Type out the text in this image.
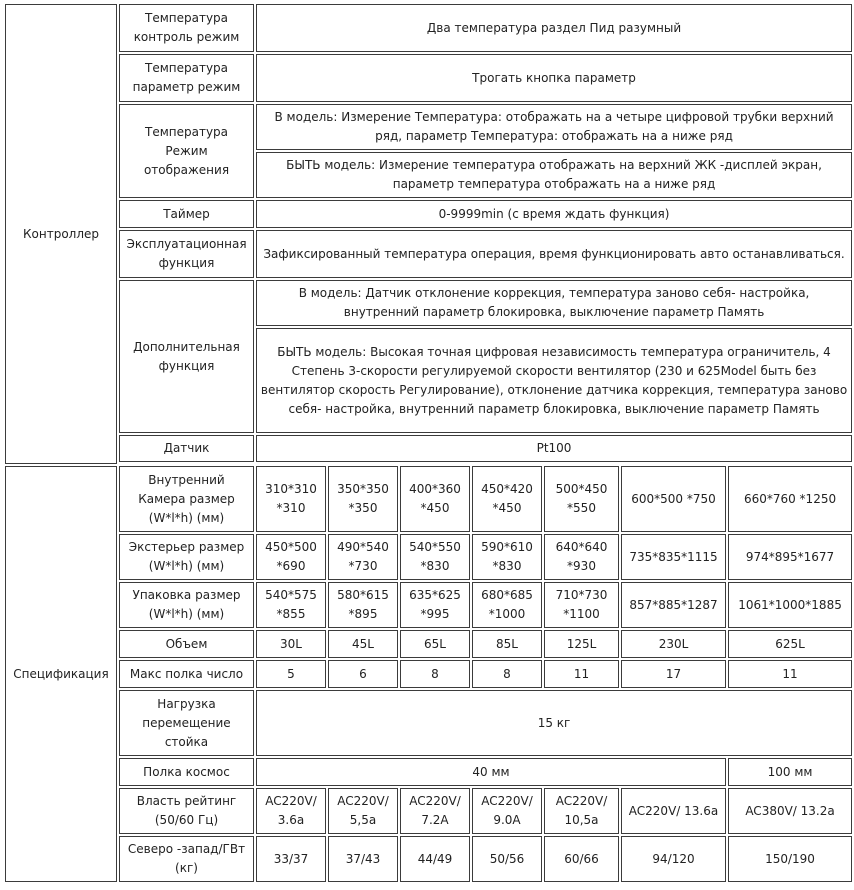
Контроллер	Температура контроль режим	Два температура раздел Пид разумный						
	Температура параметр режим	Трогать кнопка параметр						
	Температура Режим отображения	В модель: Измерение Температура: отображать на а четыре цифровой трубки верхний ряд, параметр Температура: отображать на а ниже ряд						
		БЫТЬ модель: Измерение температура отображать на верхний ЖК -дисплей экран, параметр температура отображать на а ниже ряд						
	Таймер	0-9999min (с время ждать функция)						
	Эксплуатационная функция	Зафиксированный температура операция, время функционировать авто останавливаться.						
	Дополнительная функция	В модель: Датчик отклонение коррекция, температура заново себя- настройка, внутренний параметр блокировка, выключение параметр Память						
		БЫТЬ модель: Высокая точная цифровая независимость температура ограничитель, 4 Степень 3-скорости регулируемой скорости вентилятор (230 и 625Model быть без вентилятор скорость Регулирование), отклонение датчика коррекция, температура заново себя- настройка, внутренний параметр блокировка, выключение параметр Память						
	Датчик	Pt100						

Спецификация	Внутренний Камера размер (W*l*h) (мм)	310*310 *310	350*350 *350	400*360 *450	450*420 *450	500*450 *550	600*500 *750	660*760 *1250
	Экстерьер размер (W*l*h) (мм)	450*500 *690	490*540 *730	540*550 *830	590*610 *830	640*640 *930	735*835*1115	974*895*1677
	Упаковка размер (W*l*h) (мм)	540*575 *855	580*615 *895	635*625 *995	680*685 *1000	710*730 *1100	857*885*1287	1061*1000*1885
	Объем	30L	45L	65L	85L	125L	230L	625L
	Макс полка число	5	6	8	8	11	17	11
	Нагрузка перемещение стойка	15 кг						
	Полка космос	40 мм						100 мм
	Власть рейтинг (50/60 Гц)	AC220V/ 3.6a	AC220V/ 5,5a	AC220V/ 7.2A	AC220V/ 9.0A	AC220V/ 10,5a	AC220V/ 13.6a	AC380V/ 13.2a
	Северо -запад/ГВт (кг)	33/37	37/43	44/49	50/56	60/66	94/120	150/190
